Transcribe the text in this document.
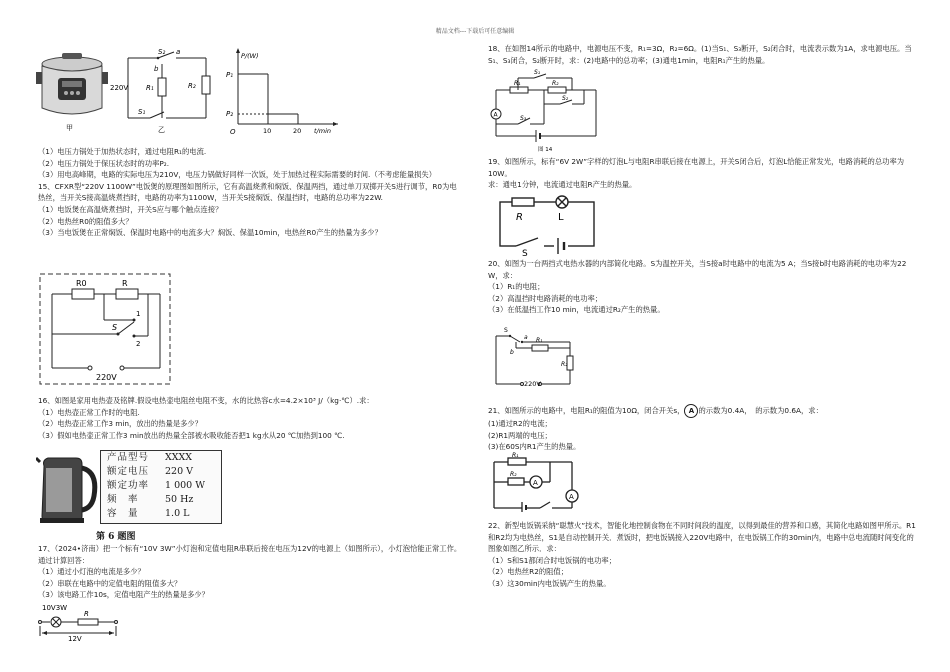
精品文档---下载后可任意编辑
甲
S₂ a
b
R₁	R₂
S₁
220V
乙
P/(W)
P₁
P₂
O	10	20 t/min

（1）电压力锅处于加热状态时，通过电阻R₁的电流.

（2）电压力锅处于保压状态时的功率P₂.

（3）用电高峰期，电路的实际电压为210V，电压力锅做好同样一次饭，处于加热过程实际需要的时间.（不考虑能量损失）

15、CFXR型“220V 1100W”电饭煲的原理图如图所示，它有高温烧煮和焖饭、保温两挡，通过单刀双掷开关S进行调节，R0为电热丝，当开关S接高温烧煮挡时，电路的功率为1100W，当开关S接焖饭、保温挡时，电路的总功率为22W.

（1）电饭煲在高温烧煮挡时，开关S应与哪个触点连接？

（2）电热丝R0的阻值多大？

（3）当电饭煲在正常焖饭、保温时电路中的电流多大？焖饭、保温10min，电热丝R0产生的热量为多少？

R0	R
S
1
2
220V

16、如图是家用电热壶及铭牌.假设电热壶电阻丝电阻不变，水的比热容c水=4.2×10³ J/（kg·℃）.求：

（1）电热壶正常工作时的电阻.

（2）电热壶正常工作3 min，放出的热量是多少？

（3）假如电热壶正常工作3 min放出的热量全部被水吸收能否把1 kg水从20 ℃加热到100 ℃.

产品型号	XXXX
额定电压	220 V
额定功率	1 000 W
频　率	50 Hz
容　量	1.0 L
第 6 题图

17、（2024•济南）把一个标有“10V 3W”小灯泡和定值电阻R串联后接在电压为12V的电源上（如图所示），小灯泡恰能正常工作。通过计算回答：

（1）通过小灯泡的电流是多少？

（2）串联在电路中的定值电阻的阻值多大？

（3）该电路工作10s，定值电阻产生的热量是多少？

10V3W
R
12V

18、在如图14所示的电路中，电源电压不变，R₁=3Ω，R₂=6Ω。(1)当S₁、S₃断开，S₂闭合时，电流表示数为1A，求电源电压。当S₁、S₃闭合，S₂断开时，求：(2)电路中的总功率；(3)通电1min，电阻R₁产生的热量。

A
S₁
S₂
S₃
R₁	R₂
图 14

19、如图所示，标有“6V 2W”字样的灯泡L与电阻R串联后接在电源上，开关S闭合后，灯泡L恰能正常发光，电路消耗的总功率为10W。

求：通电1分钟，电流通过电阻R产生的热量。

R	L
S

20、如图为一台两挡式电热水器的内部简化电路。S为温控开关，当S接a时电路中的电流为5 A；当S接b时电路消耗的电功率为22 W，求：

（1）R₁的电阻；

（2）高温挡时电路消耗的电功率；

（3）在低温挡工作10 min，电流通过R₂产生的热量。

S
a
b
R₁
R₂
220V

21、如图所示的电路中，电阻R₁的阻值为10Ω，闭合开关s， A 的示数为0.4A，　的示数为0.6A，求：

(1)通过R2的电流；

(2)R1两端的电压；

(3)在60S内R1产生的热量。

A
A
R₁
R₂

22、新型电饭锅采纳“聪慧火”技术，智能化地控制食物在不同时间段的温度，以得到最佳的营养和口感，其简化电路如图甲所示。R1和R2均为电热丝，S1是自动控制开关．煮饭时，把电饭锅接入220V电路中，在电饭锅工作的30min内，电路中总电流随时间变化的图象如图乙所示．求：

（1）S和S1都闭合时电饭锅的电功率；

（2）电热丝R2的阻值；

（3）这30min内电饭锅产生的热量。
